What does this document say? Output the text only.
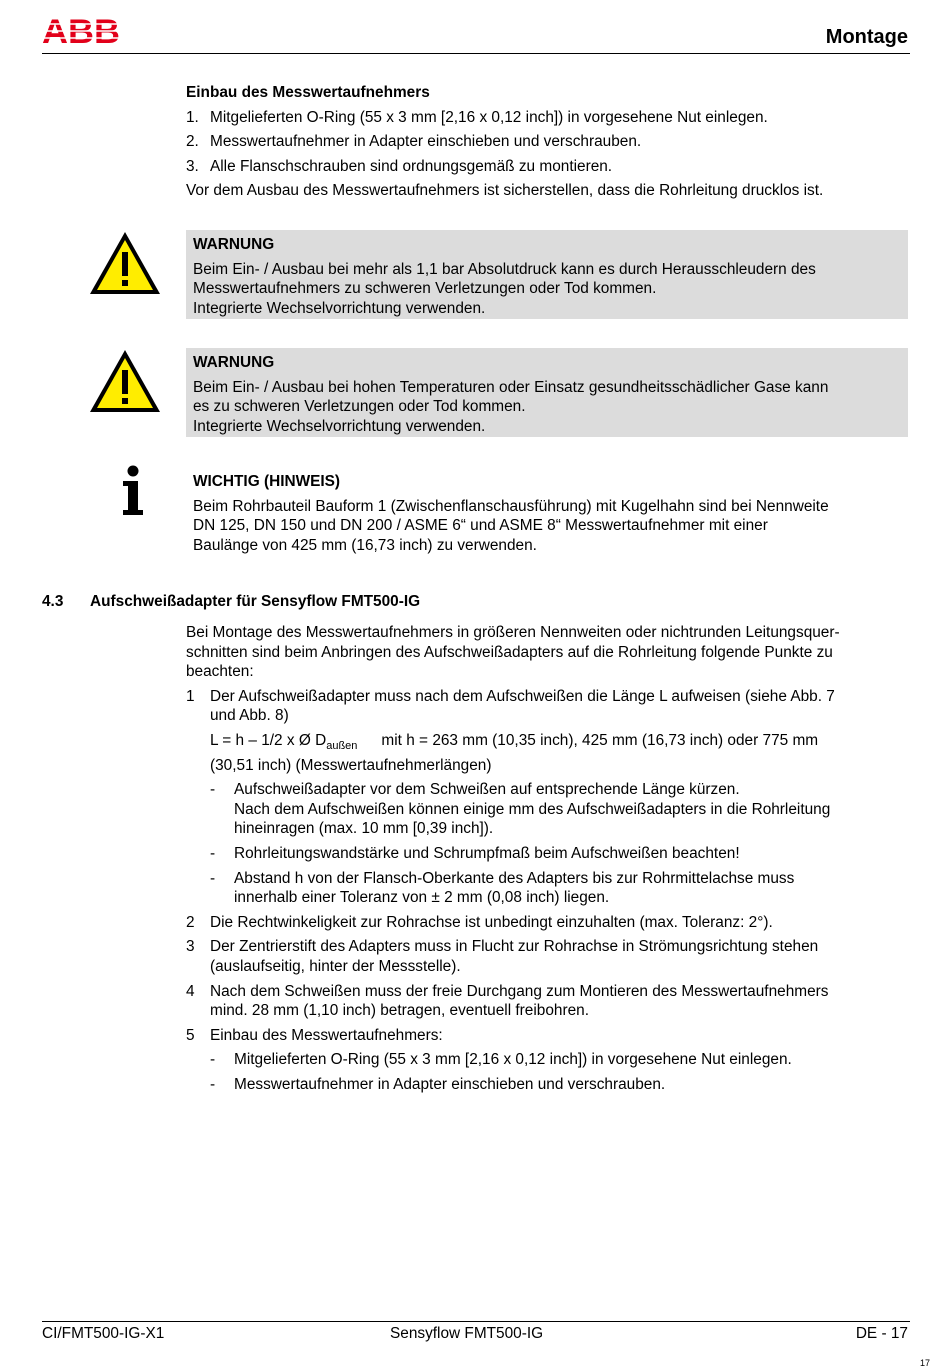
ABB	Montage

Einbau des Messwertaufnehmers

1. Mitgelieferten O-Ring (55 x 3 mm [2,16 x 0,12 inch]) in vorgesehene Nut einlegen.
2. Messwertaufnehmer in Adapter einschieben und verschrauben.
3. Alle Flanschschrauben sind ordnungsgemäß zu montieren.

Vor dem Ausbau des Messwertaufnehmers ist sicherstellen, dass die Rohrleitung drucklos ist.

WARNUNG
Beim Ein- / Ausbau bei mehr als 1,1 bar Absolutdruck kann es durch Herausschleudern des
Messwertaufnehmers zu schweren Verletzungen oder Tod kommen.
Integrierte Wechselvorrichtung verwenden.
WARNUNG
Beim Ein- / Ausbau bei hohen Temperaturen oder Einsatz gesundheitsschädlicher Gase kann
es zu schweren Verletzungen oder Tod kommen.
Integrierte Wechselvorrichtung verwenden.
WICHTIG (HINWEIS)
Beim Rohrbauteil Bauform 1 (Zwischenflanschausführung) mit Kugelhahn sind bei Nennweite
DN 125, DN 150 und DN 200 / ASME 6“ und ASME 8“ Messwertaufnehmer mit einer
Baulänge von 425 mm (16,73 inch) zu verwenden.
4.3 Aufschweißadapter für Sensyflow FMT500-IG
Bei Montage des Messwertaufnehmers in größeren Nennweiten oder nichtrunden Leitungsquer-
schnitten sind beim Anbringen des Aufschweißadapters auf die Rohrleitung folgende Punkte zu
beachten:
1	Der Aufschweißadapter muss nach dem Aufschweißen die Länge L aufweisen (siehe Abb. 7
und Abb. 8)
L = h – 1/2 x Ø $D_{außen}$ mit h = 263 mm (10,35 inch), 425 mm (16,73 inch) oder 775 mm
(30,51 inch) (Messwertaufnehmerlängen)
-	Aufschweißadapter vor dem Schweißen auf entsprechende Länge kürzen.
Nach dem Aufschweißen können einige mm des Aufschweißadapters in die Rohrleitung
hineinragen (max. 10 mm [0,39 inch]).
-	Rohrleitungswandstärke und Schrumpfmaß beim Aufschweißen beachten!
-	Abstand h von der Flansch-Oberkante des Adapters bis zur Rohrmittelachse muss
innerhalb einer Toleranz von ± 2 mm (0,08 inch) liegen.
2	Die Rechtwinkeligkeit zur Rohrachse ist unbedingt einzuhalten (max. Toleranz: 2°).
3	Der Zentrierstift des Adapters muss in Flucht zur Rohrachse in Strömungsrichtung stehen
(auslaufseitig, hinter der Messstelle).
4	Nach dem Schweißen muss der freie Durchgang zum Montieren des Messwertaufnehmers
mind. 28 mm (1,10 inch) betragen, eventuell freibohren.
5	Einbau des Messwertaufnehmers:
-	Mitgelieferten O-Ring (55 x 3 mm [2,16 x 0,12 inch]) in vorgesehene Nut einlegen.
-	Messwertaufnehmer in Adapter einschieben und verschrauben.
CI/FMT500-IG-X1	Sensyflow FMT500-IG	DE - 17
17
